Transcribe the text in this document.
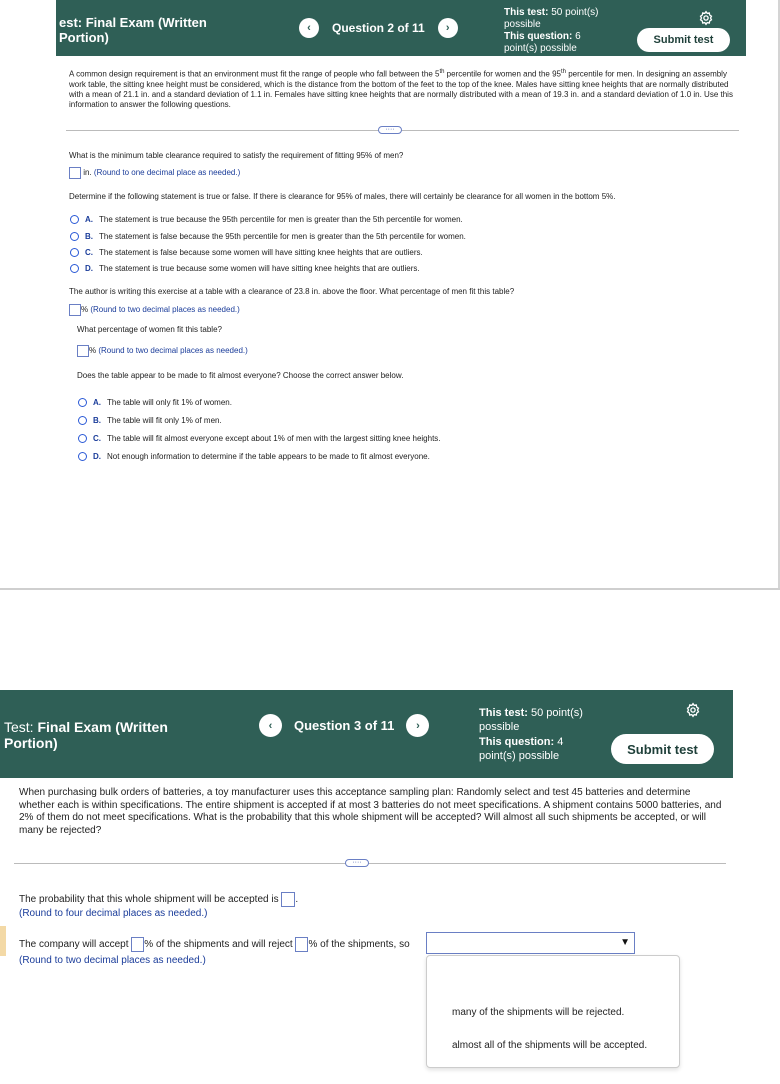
est: Final Exam (Written Portion)
‹	Question 2 of 11	›
This test: 50 point(s) possible
This question: 6 point(s) possible
Submit test
A common design requirement is that an environment must fit the range of people who fall between the 5th percentile for women and the 95th percentile for men. In designing an assembly work table, the sitting knee height must be considered, which is the distance from the bottom of the feet to the top of the knee. Males have sitting knee heights that are normally distributed with a mean of 21.1 in. and a standard deviation of 1.1 in. Females have sitting knee heights that are normally distributed with a mean of 19.3 in. and a standard deviation of 1.0 in. Use this information to answer the following questions.
····
What is the minimum table clearance required to satisfy the requirement of fitting 95% of men?
in. (Round to one decimal place as needed.)
Determine if the following statement is true or false. If there is clearance for 95% of males, there will certainly be clearance for all women in the bottom 5%.
A. The statement is true because the 95th percentile for men is greater than the 5th percentile for women.
B. The statement is false because the 95th percentile for men is greater than the 5th percentile for women.
C. The statement is false because some women will have sitting knee heights that are outliers.
D. The statement is true because some women will have sitting knee heights that are outliers.
The author is writing this exercise at a table with a clearance of 23.8 in. above the floor. What percentage of men fit this table?
% (Round to two decimal places as needed.)
What percentage of women fit this table?
% (Round to two decimal places as needed.)
Does the table appear to be made to fit almost everyone? Choose the correct answer below.
A. The table will only fit 1% of women.
B. The table will fit only 1% of men.
C. The table will fit almost everyone except about 1% of men with the largest sitting knee heights.
D. Not enough information to determine if the table appears to be made to fit almost everyone.
Test: Final Exam (Written Portion)
‹	Question 3 of 11	›
This test: 50 point(s) possible
This question: 4 point(s) possible	Submit test
When purchasing bulk orders of batteries, a toy manufacturer uses this acceptance sampling plan: Randomly select and test 45 batteries and determine whether each is within specifications. The entire shipment is accepted if at most 3 batteries do not meet specifications. A shipment contains 5000 batteries, and 2% of them do not meet specifications. What is the probability that this whole shipment will be accepted? Will almost all such shipments be accepted, or will many be rejected?
····
The probability that this whole shipment will be accepted is .
(Round to four decimal places as needed.)
The company will accept % of the shipments and will reject % of the shipments, so
(Round to two decimal places as needed.)
▼
many of the shipments will be rejected.
almost all of the shipments will be accepted.
